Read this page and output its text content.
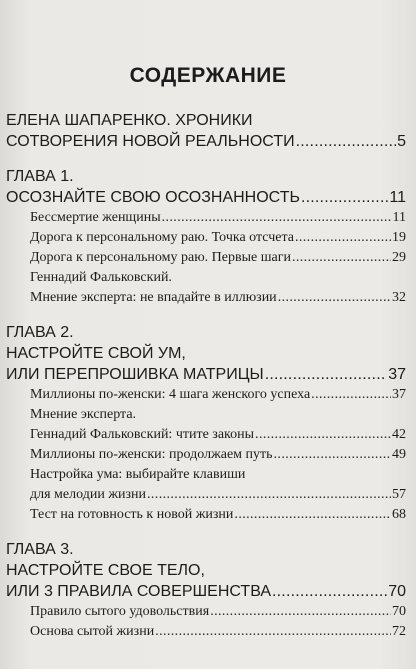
СОДЕРЖАНИЕ
ЕЛЕНА ШАПАРЕНКО. ХРОНИКИ
СОТВОРЕНИЯ НОВОЙ РЕАЛЬНОСТИ .....	5
ГЛАВА 1.
ОСОЗНАЙТЕ СВОЮ ОСОЗНАННОСТЬ .....	11
Бессмертие женщины .....	11
Дорога к персональному раю. Точка отсчета .....	19
Дорога к персональному раю. Первые шаги .....	29
Геннадий Фальковский.
Мнение эксперта: не впадайте в иллюзии .....	32
ГЛАВА 2.
НАСТРОЙТЕ СВОЙ УМ,
ИЛИ ПЕРЕПРОШИВКА МАТРИЦЫ .....	37
Миллионы по-женски: 4 шага женского успеха .....	37
Мнение эксперта.
Геннадий Фальковский: чтите законы .....	42
Миллионы по-женски: продолжаем путь .....	49
Настройка ума: выбирайте клавиши
для мелодии жизни .....	57
Тест на готовность к новой жизни .....	68
ГЛАВА 3.
НАСТРОЙТЕ СВОЕ ТЕЛО,
ИЛИ 3 ПРАВИЛА СОВЕРШЕНСТВА .....	70
Правило сытого удовольствия .....	70
Основа сытой жизни .....	72
